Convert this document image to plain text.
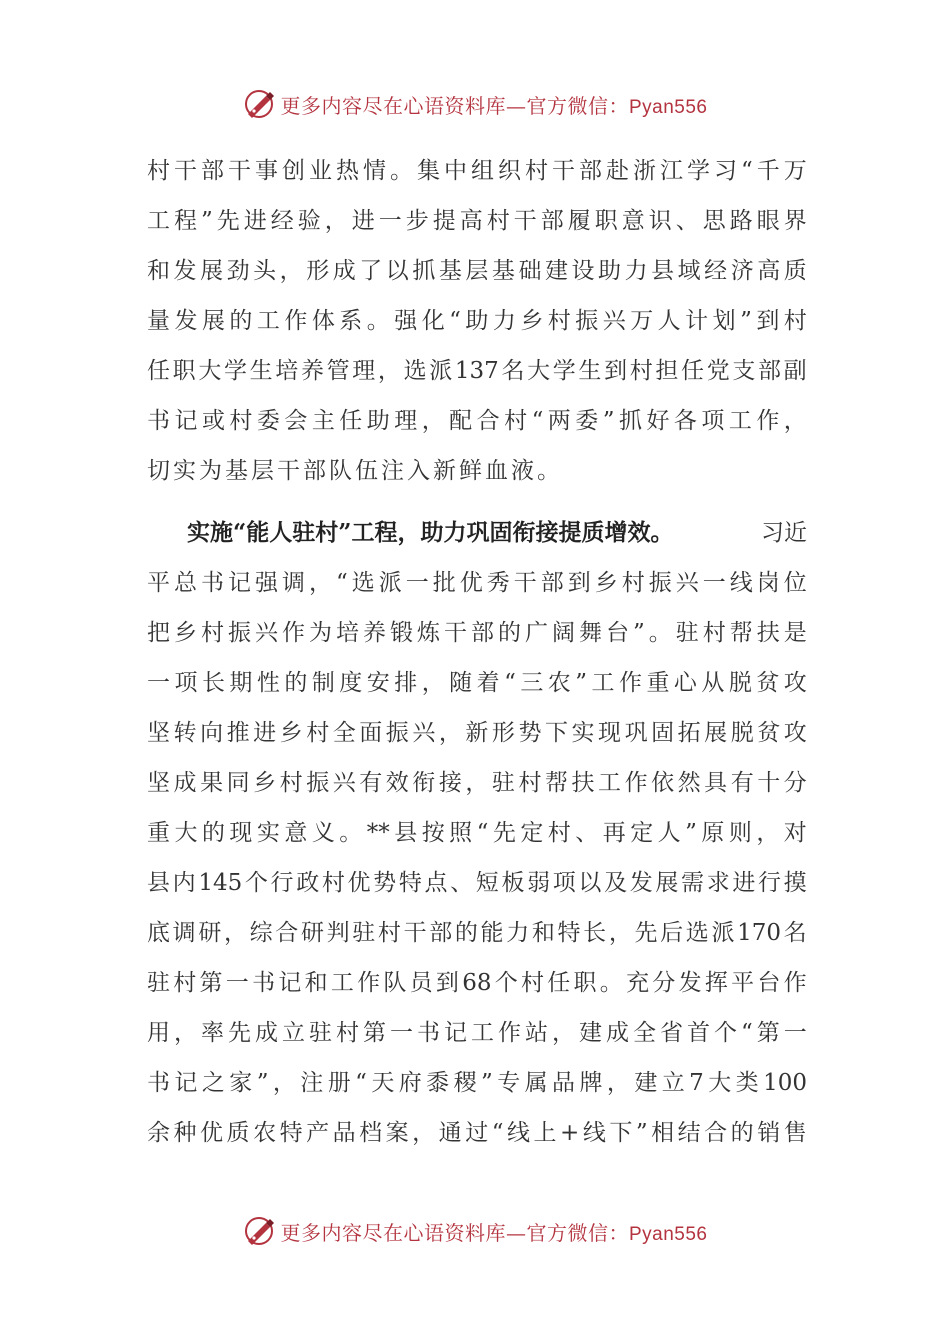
更多内容尽在心语资料库—官方微信：Pyan556
村 干 部 干 事 创 业 热 情 。 集 中 组 织 村 干 部 赴 浙 江 学 习 “ 千 万
工 程 ” 先 进 经 验 ， 进 一 步 提 高 村 干 部 履 职 意 识 、 思 路 眼 界
和 发 展 劲 头 ， 形 成 了 以 抓 基 层 基 础 建 设 助 力 县 域 经 济 高 质
量 发 展 的 工 作 体 系 。 强 化 “ 助 力 乡 村 振 兴 万 人 计 划 ” 到 村
任 职 大 学 生 培 养 管 理 ， 选 派 137 名 大 学 生 到 村 担 任 党 支 部 副
书 记 或 村 委 会 主 任 助 理 ， 配 合 村 “ 两 委 ” 抓 好 各 项 工 作 ，
切实为基层干部队伍注入新鲜血液。
实施“能人驻村”工程，助力巩固衔接提质增效。	习近
平 总 书 记 强 调 ， “ 选 派 一 批 优 秀 干 部 到 乡 村 振 兴 一 线 岗 位
把 乡 村 振 兴 作 为 培 养 锻 炼 干 部 的 广 阔 舞 台 ” 。 驻 村 帮 扶 是
一 项 长 期 性 的 制 度 安 排 ， 随 着 “ 三 农 ” 工 作 重 心 从 脱 贫 攻
坚 转 向 推 进 乡 村 全 面 振 兴 ， 新 形 势 下 实 现 巩 固 拓 展 脱 贫 攻
坚 成 果 同 乡 村 振 兴 有 效 衔 接 ， 驻 村 帮 扶 工 作 依 然 具 有 十 分
重 大 的 现 实 意 义 。 ** 县 按 照 “ 先 定 村 、 再 定 人 ” 原 则 ， 对
县 内 145 个 行 政 村 优 势 特 点 、 短 板 弱 项 以 及 发 展 需 求 进 行 摸
底 调 研 ， 综 合 研 判 驻 村 干 部 的 能 力 和 特 长 ， 先 后 选 派 170 名
驻 村 第 一 书 记 和 工 作 队 员 到 68 个 村 任 职 。 充 分 发 挥 平 台 作
用 ， 率 先 成 立 驻 村 第 一 书 记 工 作 站 ， 建 成 全 省 首 个 “ 第 一
书 记 之 家 ” ， 注 册 “ 天 府 黍 稷 ” 专 属 品 牌 ， 建 立 7 大 类 100
余 种 优 质 农 特 产 品 档 案 ， 通 过 “ 线 上 + 线 下 ” 相 结 合 的 销 售
更多内容尽在心语资料库—官方微信：Pyan556
